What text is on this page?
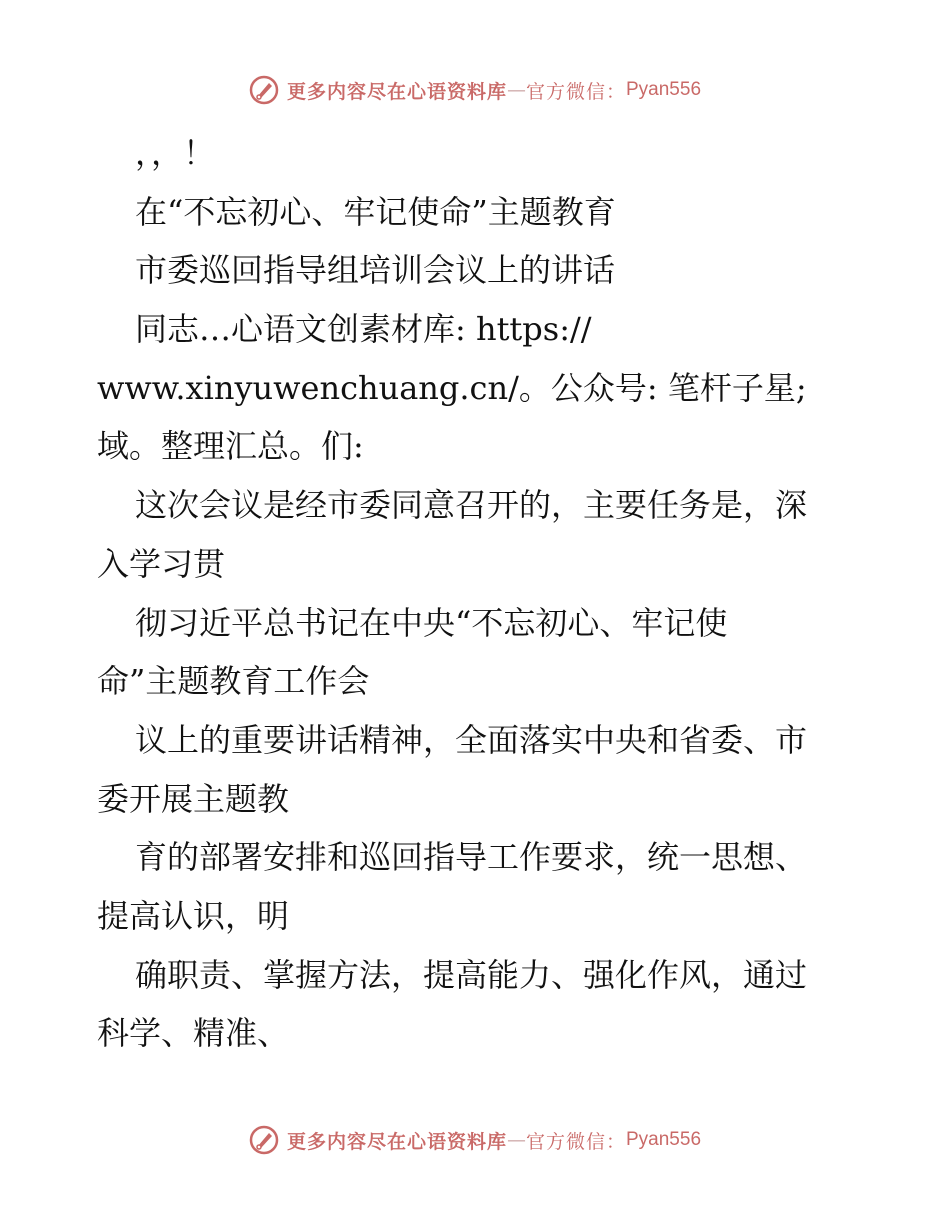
更多内容尽在心语资料库 — 官方微信： Pyan556
，，！
在“不忘初心、牢记使命”主题教育
市委巡回指导组培训会议上的讲话
同志…心语文创素材库: https://
www.xinyuwenchuang.cn/。公众号: 笔杆子星;
域。整理汇总。们:
这次会议是经市委同意召开的，主要任务是，深
入学习贯
彻习近平总书记在中央“不忘初心、牢记使
命”主题教育工作会
议上的重要讲话精神，全面落实中央和省委、市
委开展主题教
育的部署安排和巡回指导工作要求，统一思想、
提高认识，明
确职责、掌握方法，提高能力、强化作风，通过
科学、精准、
更多内容尽在心语资料库 — 官方微信： Pyan556
